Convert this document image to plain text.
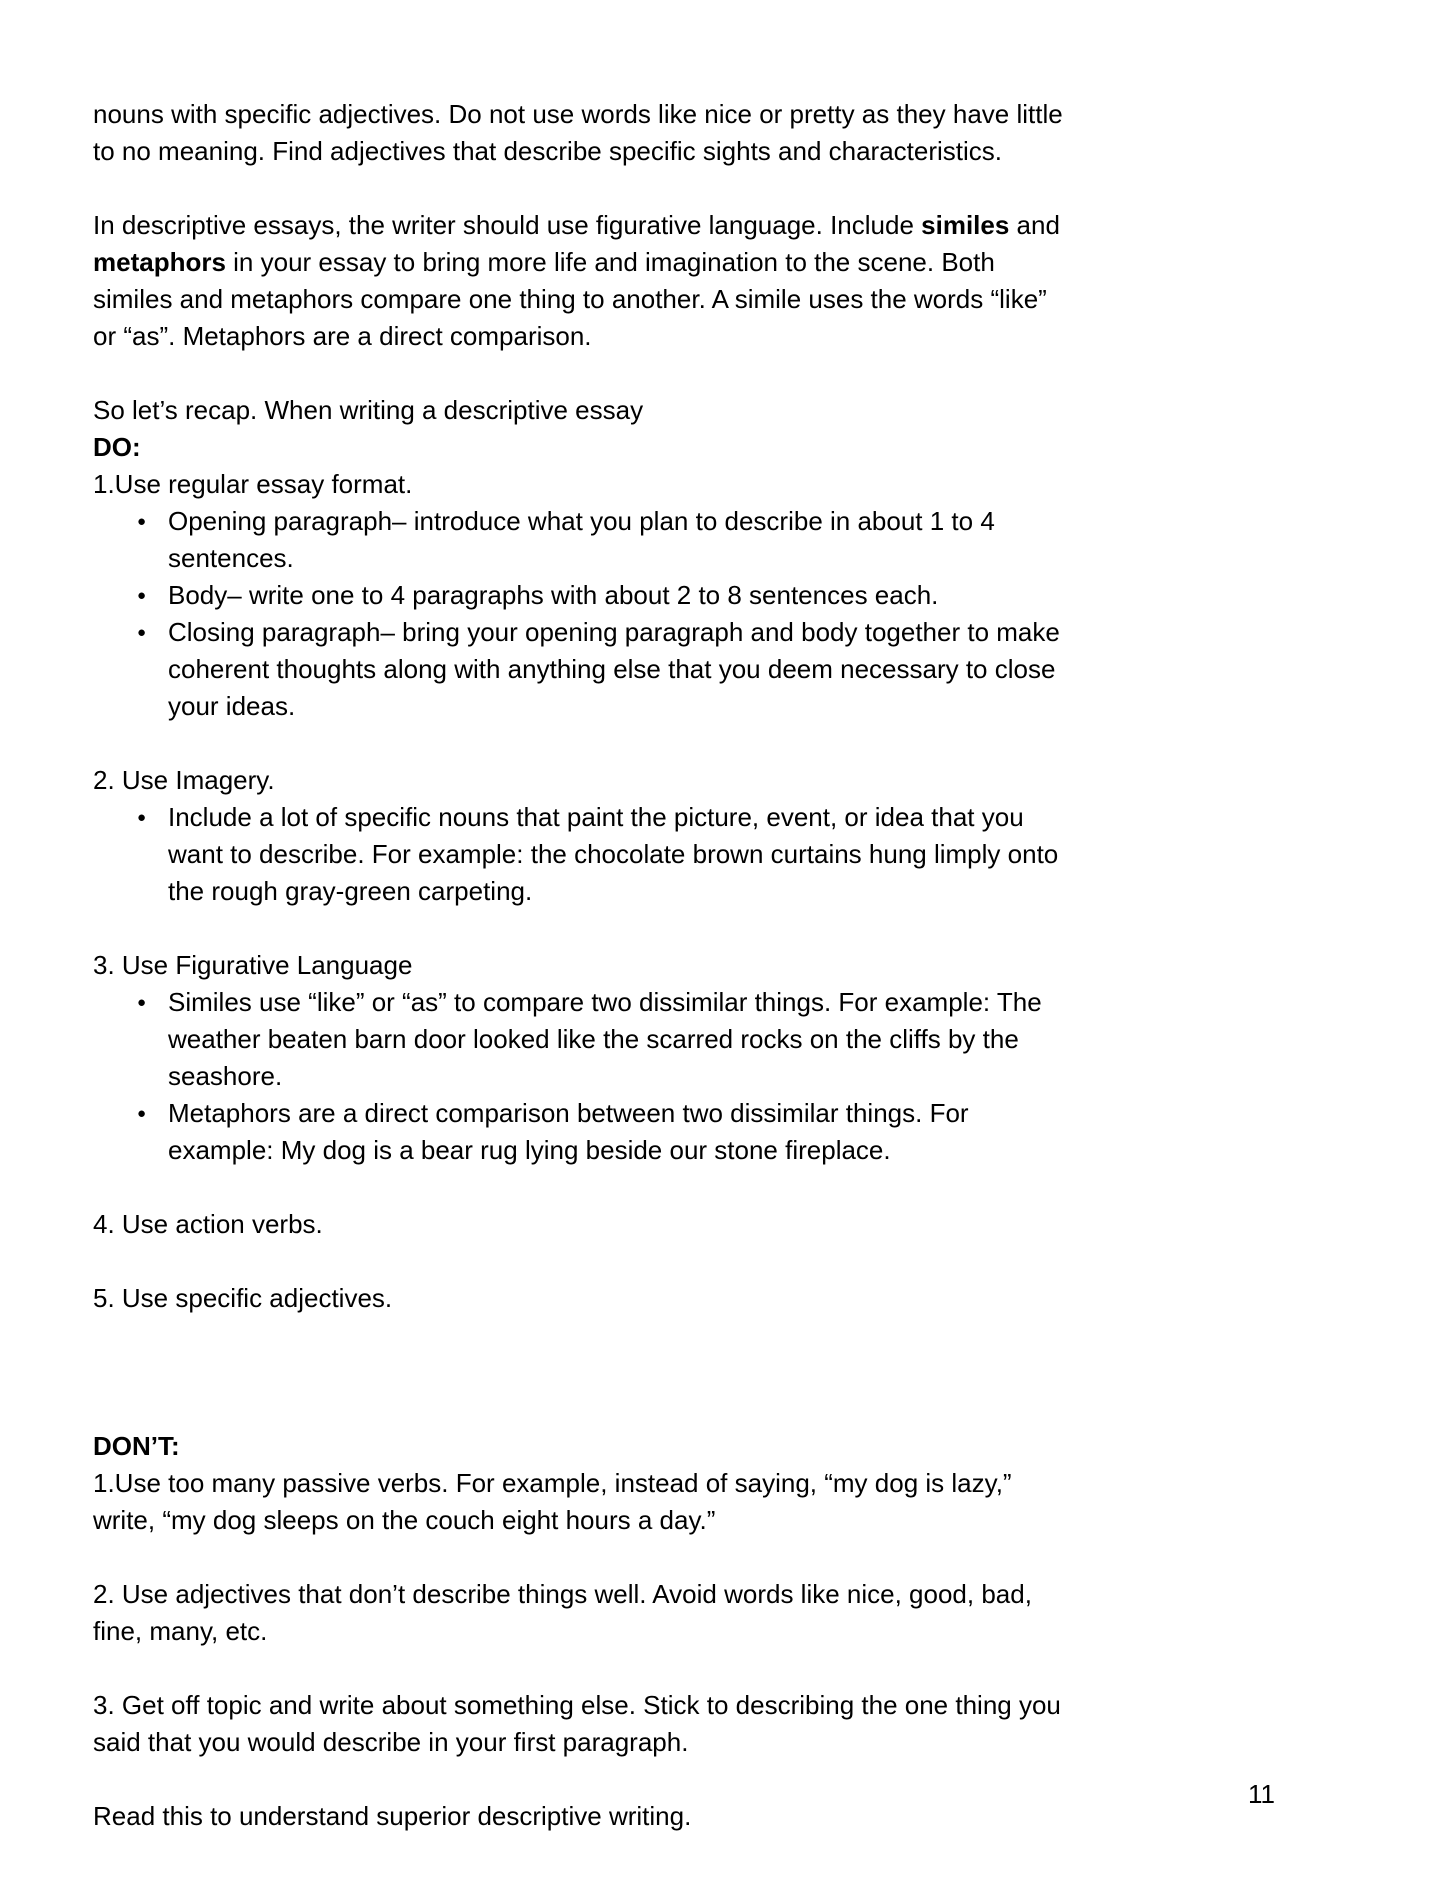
nouns with specific adjectives. Do not use words like nice or pretty as they have little to no meaning. Find adjectives that describe specific sights and characteristics.

In descriptive essays, the writer should use figurative language. Include similes and metaphors in your essay to bring more life and imagination to the scene. Both similes and metaphors compare one thing to another. A simile uses the words “like” or “as”. Metaphors are a direct comparison.

So let’s recap. When writing a descriptive essay

DO:

1.Use regular essay format.

● Opening paragraph– introduce what you plan to describe in about 1 to 4 sentences.
● Body– write one to 4 paragraphs with about 2 to 8 sentences each.
● Closing paragraph– bring your opening paragraph and body together to make coherent thoughts along with anything else that you deem necessary to close your ideas.

2. Use Imagery.

● Include a lot of specific nouns that paint the picture, event, or idea that you want to describe. For example: the chocolate brown curtains hung limply onto the rough gray-green carpeting.

3. Use Figurative Language

● Similes use “like” or “as” to compare two dissimilar things. For example: The weather beaten barn door looked like the scarred rocks on the cliffs by the seashore.
● Metaphors are a direct comparison between two dissimilar things. For example: My dog is a bear rug lying beside our stone fireplace.

4. Use action verbs.

5. Use specific adjectives.

DON’T:

1.Use too many passive verbs. For example, instead of saying, “my dog is lazy,” write, “my dog sleeps on the couch eight hours a day.”

2. Use adjectives that don’t describe things well. Avoid words like nice, good, bad, fine, many, etc.

3. Get off topic and write about something else. Stick to describing the one thing you said that you would describe in your first paragraph.

Read this to understand superior descriptive writing.

11
